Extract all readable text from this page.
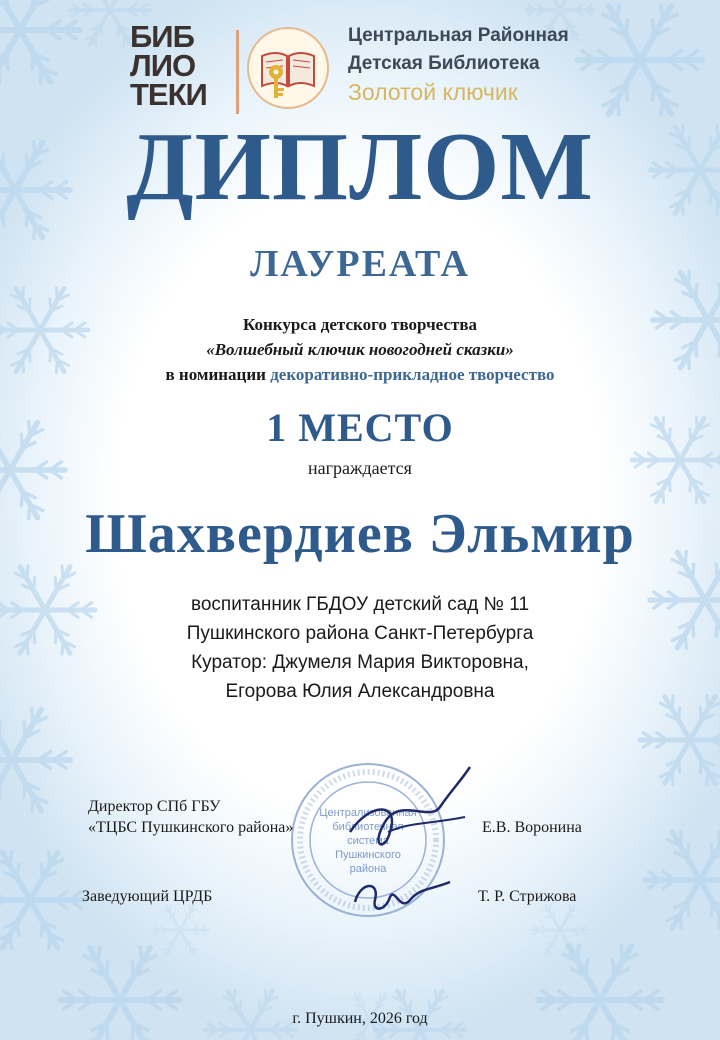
БИБ
ЛИО
ТЕКИ
Центральная Районная
Детская Библиотека
Золотой ключик
ДИПЛОМ
ЛАУРЕАТА
Конкурса детского творчества
«Волшебный ключик новогодней сказки»
в номинации декоративно-прикладное творчество
1 МЕСТО
награждается
Шахвердиев Эльмир
воспитанник ГБДОУ детский сад № 11
Пушкинского района Санкт-Петербурга
Куратор: Джумеля Мария Викторовна,
Егорова Юлия Александровна
Централизованная
библиотечная
система
Пушкинского
района
Директор СПб ГБУ
«ТЦБС Пушкинского района»	Е.В. Воронина
Заведующий ЦРДБ	Т. Р. Стрижова
г. Пушкин, 2026 год
